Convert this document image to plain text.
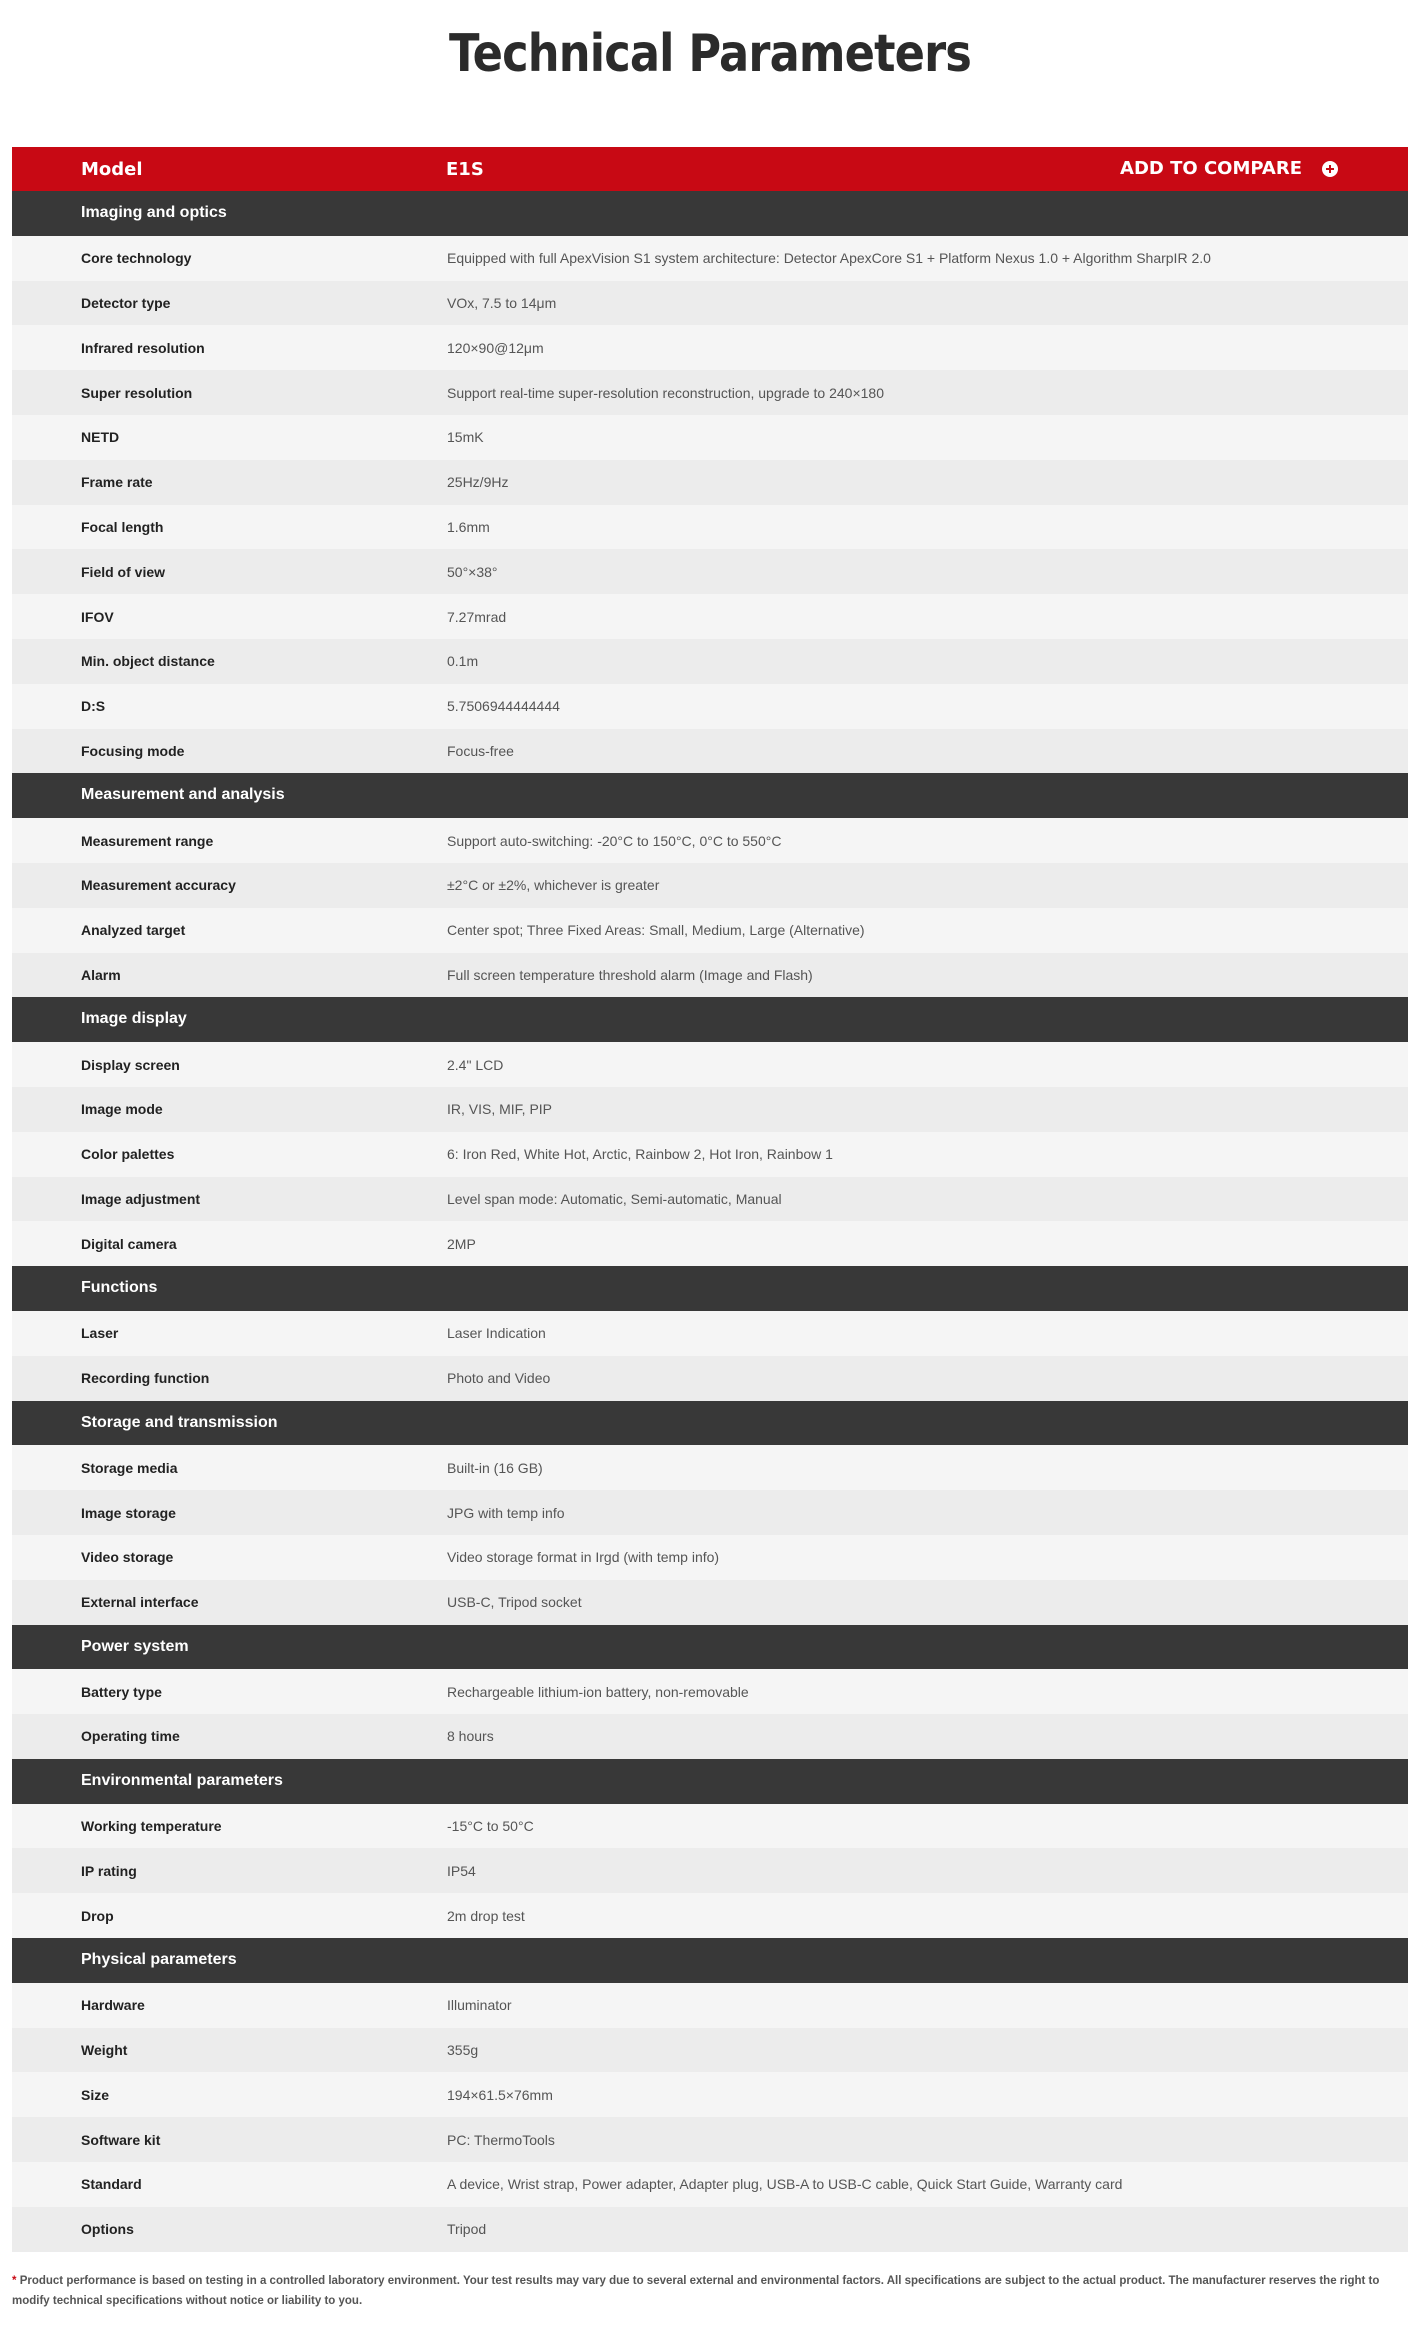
Technical Parameters
Model	E1S	ADD TO COMPARE
Imaging and optics
Core technology	Equipped with full ApexVision S1 system architecture: Detector ApexCore S1 + Platform Nexus 1.0 + Algorithm SharpIR 2.0
Detector type	VOx, 7.5 to 14μm
Infrared resolution	120×90@12μm
Super resolution	Support real-time super-resolution reconstruction, upgrade to 240×180
NETD	15mK
Frame rate	25Hz/9Hz
Focal length	1.6mm
Field of view	50°×38°
IFOV	7.27mrad
Min. object distance	0.1m
D:S	5.7506944444444
Focusing mode	Focus-free
Measurement and analysis
Measurement range	Support auto-switching: -20°C to 150°C, 0°C to 550°C
Measurement accuracy	±2°C or ±2%, whichever is greater
Analyzed target	Center spot; Three Fixed Areas: Small, Medium, Large (Alternative)
Alarm	Full screen temperature threshold alarm (Image and Flash)
Image display
Display screen	2.4" LCD
Image mode	IR, VIS, MIF, PIP
Color palettes	6: Iron Red, White Hot, Arctic, Rainbow 2, Hot Iron, Rainbow 1
Image adjustment	Level span mode: Automatic, Semi-automatic, Manual
Digital camera	2MP
Functions
Laser	Laser Indication
Recording function	Photo and Video
Storage and transmission
Storage media	Built-in (16 GB)
Image storage	JPG with temp info
Video storage	Video storage format in Irgd (with temp info)
External interface	USB-C, Tripod socket
Power system
Battery type	Rechargeable lithium-ion battery, non-removable
Operating time	8 hours
Environmental parameters
Working temperature	-15°C to 50°C
IP rating	IP54
Drop	2m drop test
Physical parameters
Hardware	Illuminator
Weight	355g
Size	194×61.5×76mm
Software kit	PC: ThermoTools
Standard	A device, Wrist strap, Power adapter, Adapter plug, USB-A to USB-C cable, Quick Start Guide, Warranty card
Options	Tripod

* Product performance is based on testing in a controlled laboratory environment. Your test results may vary due to several external and environmental factors. All specifications are subject to the actual product. The manufacturer reserves the right to modify technical specifications without notice or liability to you.
